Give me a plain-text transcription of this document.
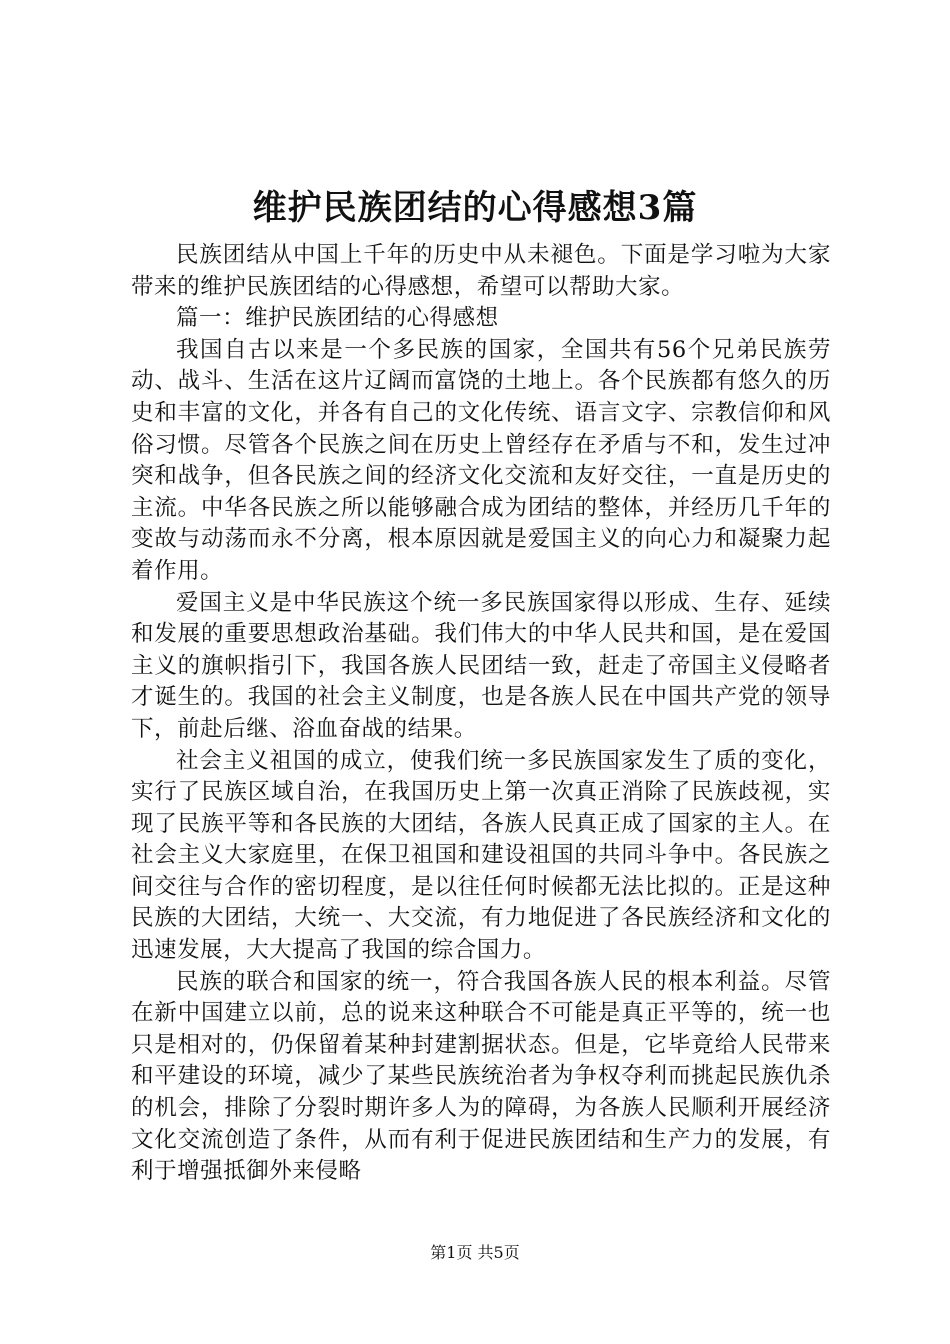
维护民族团结的心得感想3篇

民族团结从中国上千年的历史中从未褪色。下面是学习啦为大家带来的维护民族团结的心得感想，希望可以帮助大家。

篇一：维护民族团结的心得感想

我国自古以来是一个多民族的国家，全国共有56个兄弟民族劳动、战斗、生活在这片辽阔而富饶的土地上。各个民族都有悠久的历史和丰富的文化，并各有自己的文化传统、语言文字、宗教信仰和风俗习惯。尽管各个民族之间在历史上曾经存在矛盾与不和，发生过冲突和战争，但各民族之间的经济文化交流和友好交往，一直是历史的主流。中华各民族之所以能够融合成为团结的整体，并经历几千年的变故与动荡而永不分离，根本原因就是爱国主义的向心力和凝聚力起着作用。

爱国主义是中华民族这个统一多民族国家得以形成、生存、延续和发展的重要思想政治基础。我们伟大的中华人民共和国，是在爱国主义的旗帜指引下，我国各族人民团结一致，赶走了帝国主义侵略者才诞生的。我国的社会主义制度，也是各族人民在中国共产党的领导下，前赴后继、浴血奋战的结果。

社会主义祖国的成立，使我们统一多民族国家发生了质的变化，实行了民族区域自治，在我国历史上第一次真正消除了民族歧视，实现了民族平等和各民族的大团结，各族人民真正成了国家的主人。在社会主义大家庭里，在保卫祖国和建设祖国的共同斗争中。各民族之间交往与合作的密切程度，是以往任何时候都无法比拟的。正是这种民族的大团结，大统一、大交流，有力地促进了各民族经济和文化的迅速发展，大大提高了我国的综合国力。

民族的联合和国家的统一，符合我国各族人民的根本利益。尽管在新中国建立以前，总的说来这种联合不可能是真正平等的，统一也只是相对的，仍保留着某种封建割据状态。但是，它毕竟给人民带来和平建设的环境，减少了某些民族统治者为争权夺利而挑起民族仇杀的机会，排除了分裂时期许多人为的障碍，为各族人民顺利开展经济文化交流创造了条件，从而有利于促进民族团结和生产力的发展，有利于增强抵御外来侵略

第1页 共5页
